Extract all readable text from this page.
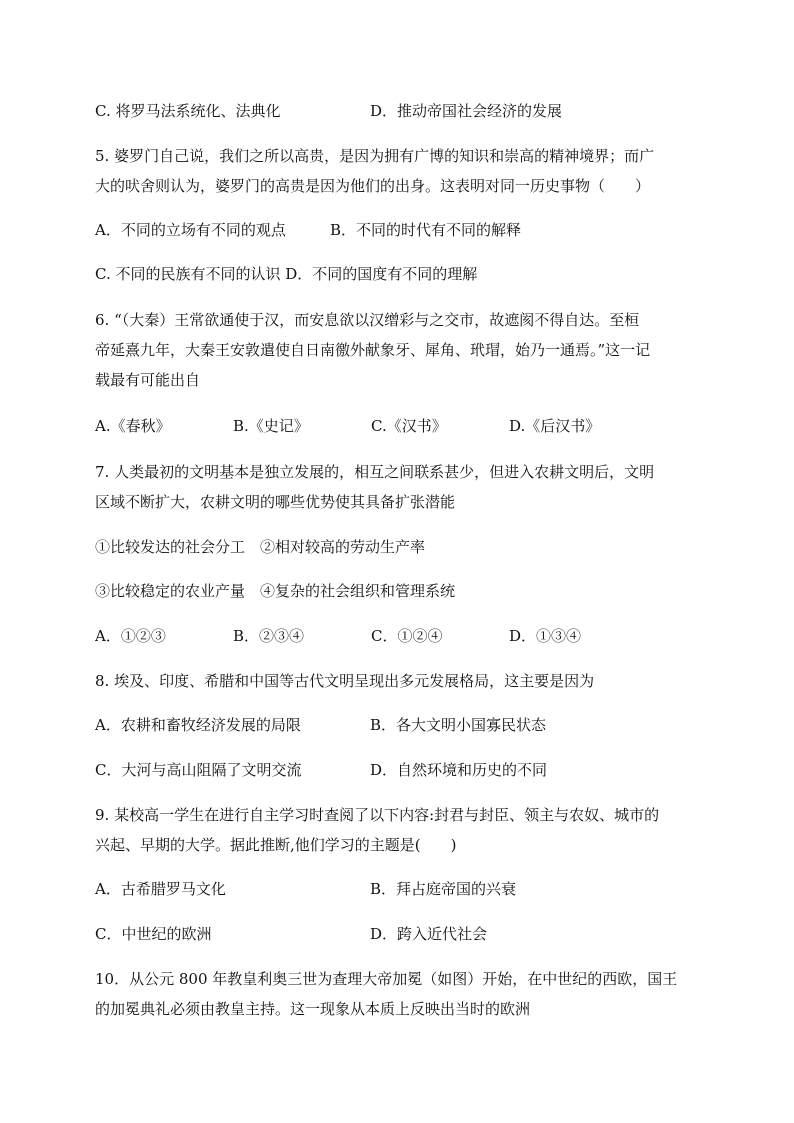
C. 将罗马法系统化、法典化	D．推动帝国社会经济的发展
5. 婆罗门自己说，我们之所以高贵，是因为拥有广博的知识和崇高的精神境界；而广
大的吠舍则认为，婆罗门的高贵是因为他们的出身。这表明对同一历史事物（　　）
A．不同的立场有不同的观点	B．不同的时代有不同的解释
C. 不同的民族有不同的认识 D．不同的国度有不同的理解
6. “（大秦）王常欲通使于汉，而安息欲以汉缯彩与之交市，故遮阂不得自达。至桓
帝延熹九年，大秦王安敦遣使自日南徼外献象牙、犀角、玳瑁，始乃一通焉。”这一记
载最有可能出自
A.《春秋》	B.《史记》	C.《汉书》	D.《后汉书》
7. 人类最初的文明基本是独立发展的，相互之间联系甚少，但进入农耕文明后，文明
区域不断扩大，农耕文明的哪些优势使其具备扩张潜能
①比较发达的社会分工　②相对较高的劳动生产率
③比较稳定的农业产量　④复杂的社会组织和管理系统
A．①②③	B．②③④	C．①②④	D．①③④
8. 埃及、印度、希腊和中国等古代文明呈现出多元发展格局，这主要是因为
A．农耕和畜牧经济发展的局限	B．各大文明小国寡民状态
C．大河与高山阻隔了文明交流	D．自然环境和历史的不同
9. 某校高一学生在进行自主学习时查阅了以下内容:封君与封臣、领主与农奴、城市的
兴起、早期的大学。据此推断,他们学习的主题是(　　)
A．古希腊罗马文化	B．拜占庭帝国的兴衰
C．中世纪的欧洲	D．跨入近代社会
10．从公元 800 年教皇利奥三世为查理大帝加冕（如图）开始，在中世纪的西欧，国王
的加冕典礼必须由教皇主持。这一现象从本质上反映出当时的欧洲
